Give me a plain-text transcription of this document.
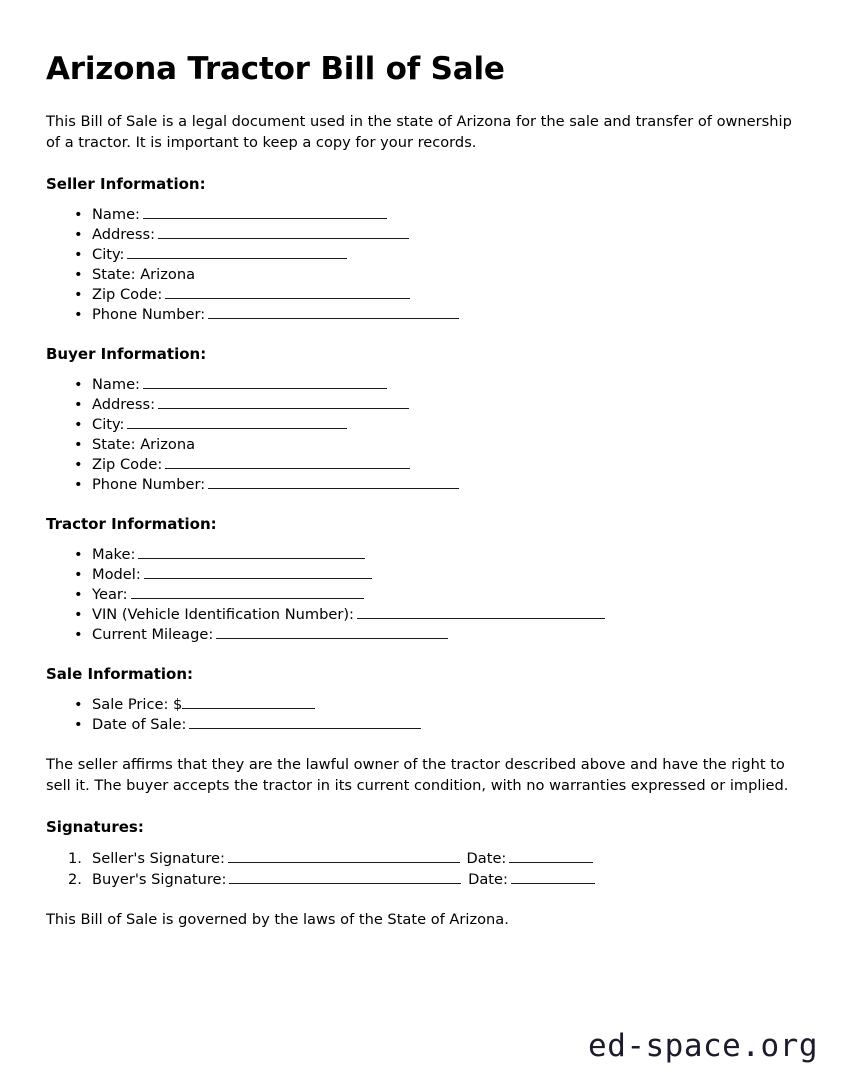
Arizona Tractor Bill of Sale

This Bill of Sale is a legal document used in the state of Arizona for the sale and transfer of ownership of a tractor. It is important to keep a copy for your records.

Seller Information:
• Name:
• Address:
• City:
• State: Arizona
• Zip Code:
• Phone Number:
Buyer Information:
• Name:
• Address:
• City:
• State: Arizona
• Zip Code:
• Phone Number:
Tractor Information:
• Make:
• Model:
• Year:
• VIN (Vehicle Identification Number):
• Current Mileage:
Sale Information:
• Sale Price: $
• Date of Sale:

The seller affirms that they are the lawful owner of the tractor described above and have the right to sell it. The buyer accepts the tractor in its current condition, with no warranties expressed or implied.

Signatures:
Seller's Signature:	Date:
Buyer's Signature:	Date:

This Bill of Sale is governed by the laws of the State of Arizona.

ed-space.org
